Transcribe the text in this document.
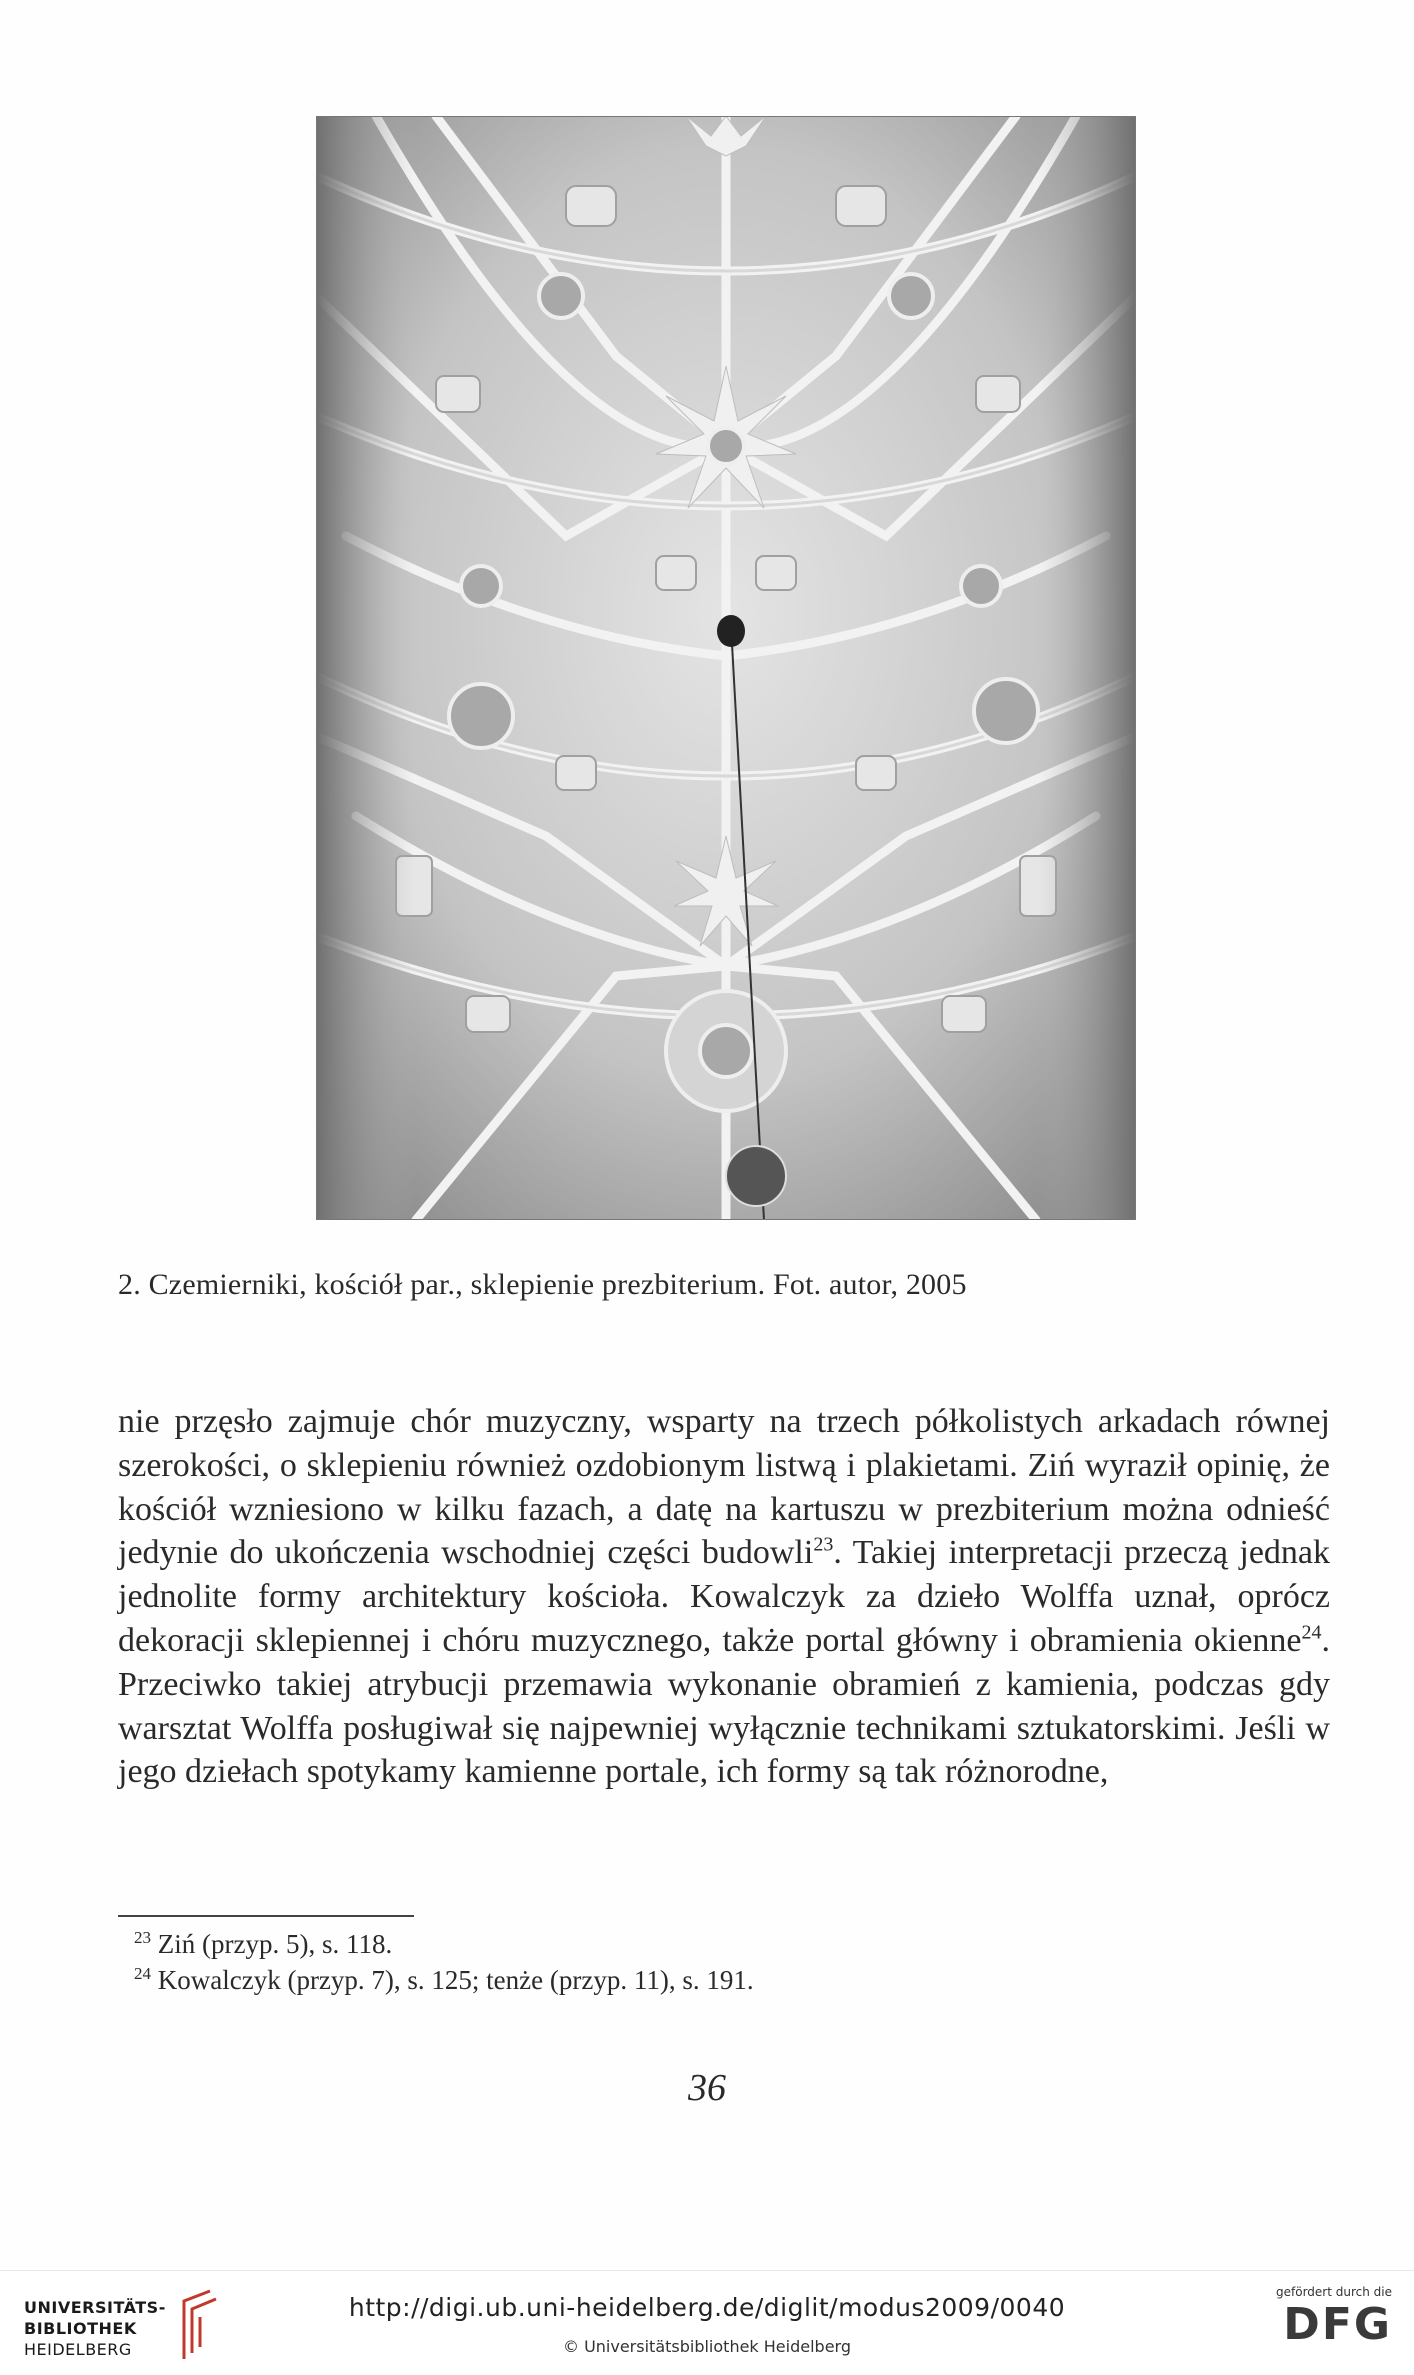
2. Czemierniki, kościół par., sklepienie prezbiterium. Fot. autor, 2005

nie przęsło zajmuje chór muzyczny, wsparty na trzech półkolistych arkadach równej szerokości, o sklepieniu również ozdobionym listwą i plakietami. Ziń wyraził opinię, że kościół wzniesiono w kilku fazach, a datę na kartuszu w prezbiterium można odnieść jedynie do ukończenia wschodniej części budowli$^{23}$. Takiej interpretacji przeczą jednak jednolite formy architektury kościoła. Kowalczyk za dzieło Wolffa uznał, oprócz dekoracji sklepiennej i chóru muzycznego, także portal główny i obramienia okienne$^{24}$. Przeciwko takiej atrybucji przemawia wykonanie obramień z kamienia, podczas gdy warsztat Wolffa posługiwał się najpewniej wyłącznie technikami sztukatorskimi. Jeśli w jego dziełach spotykamy kamienne portale, ich formy są tak różnorodne,

$^{23}$ Ziń (przyp. 5), s. 118.
$^{24}$ Kowalczyk (przyp. 7), s. 125; tenże (przyp. 11), s. 191.
36
UNIVERSITÄTS-
BIBLIOTHEK
HEIDELBERG
http://digi.ub.uni-heidelberg.de/diglit/modus2009/0040
© Universitätsbibliothek Heidelberg
gefördert durch die
DFG
